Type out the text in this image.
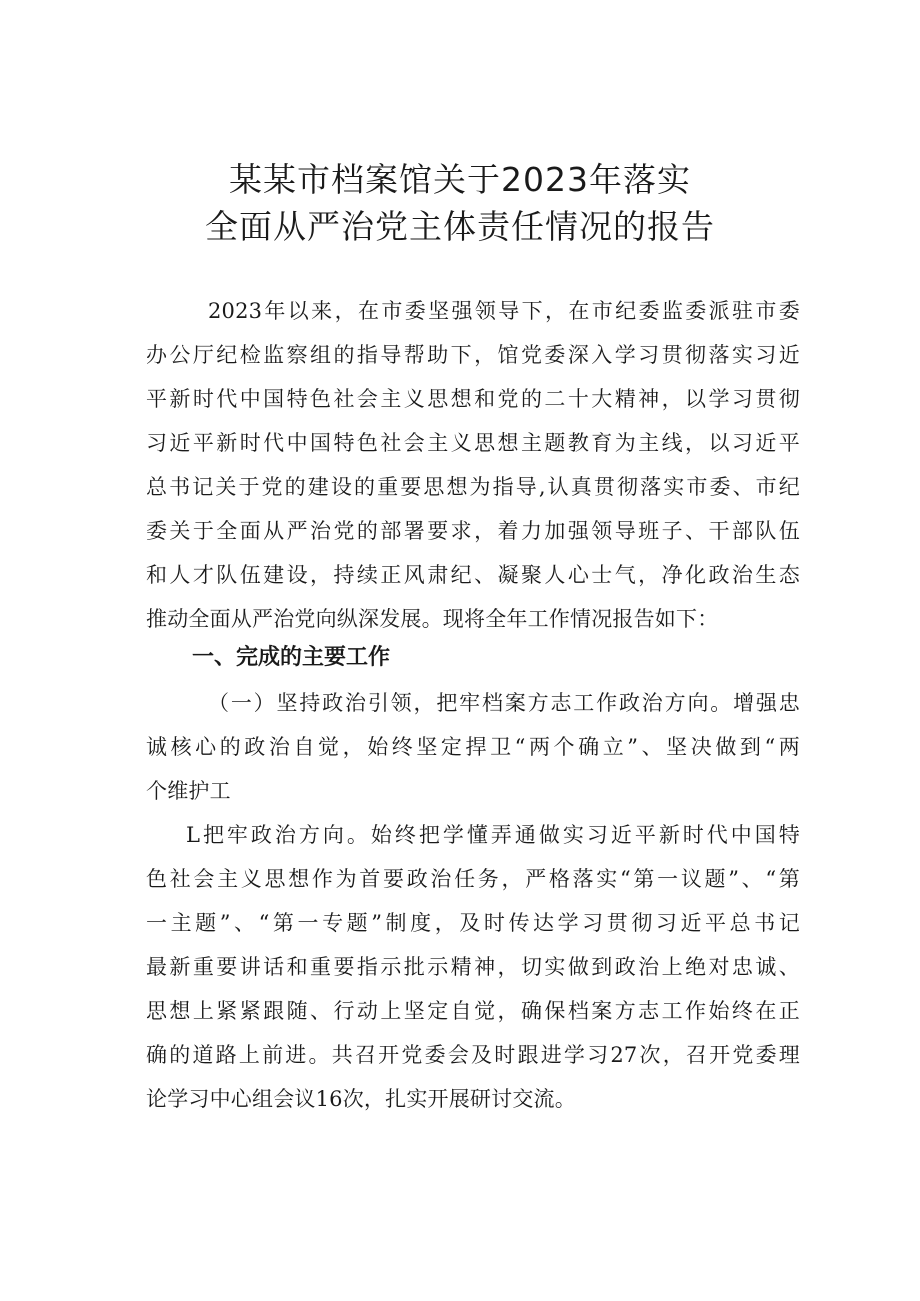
某某市档案馆关于2023年落实
全面从严治党主体责任情况的报告
2023年以来，在市委坚强领导下，在市纪委监委派驻市委
办公厅纪检监察组的指导帮助下，馆党委深入学习贯彻落实习近
平新时代中国特色社会主义思想和党的二十大精神，以学习贯彻
习近平新时代中国特色社会主义思想主题教育为主线，以习近平
总书记关于党的建设的重要思想为指导,认真贯彻落实市委、市纪
委关于全面从严治党的部署要求，着力加强领导班子、干部队伍
和人才队伍建设，持续正风肃纪、凝聚人心士气，净化政治生态
推动全面从严治党向纵深发展。现将全年工作情况报告如下：
一、完成的主要工作
（一）坚持政治引领，把牢档案方志工作政治方向。增强忠
诚核心的政治自觉，始终坚定捍卫“两个确立”、坚决做到“两
个维护工
L把牢政治方向。始终把学懂弄通做实习近平新时代中国特
色社会主义思想作为首要政治任务，严格落实“第一议题”、“第
一主题”、“第一专题”制度，及时传达学习贯彻习近平总书记
最新重要讲话和重要指示批示精神，切实做到政治上绝对忠诚、
思想上紧紧跟随、行动上坚定自觉，确保档案方志工作始终在正
确的道路上前进。共召开党委会及时跟进学习27次，召开党委理
论学习中心组会议16次，扎实开展研讨交流。
